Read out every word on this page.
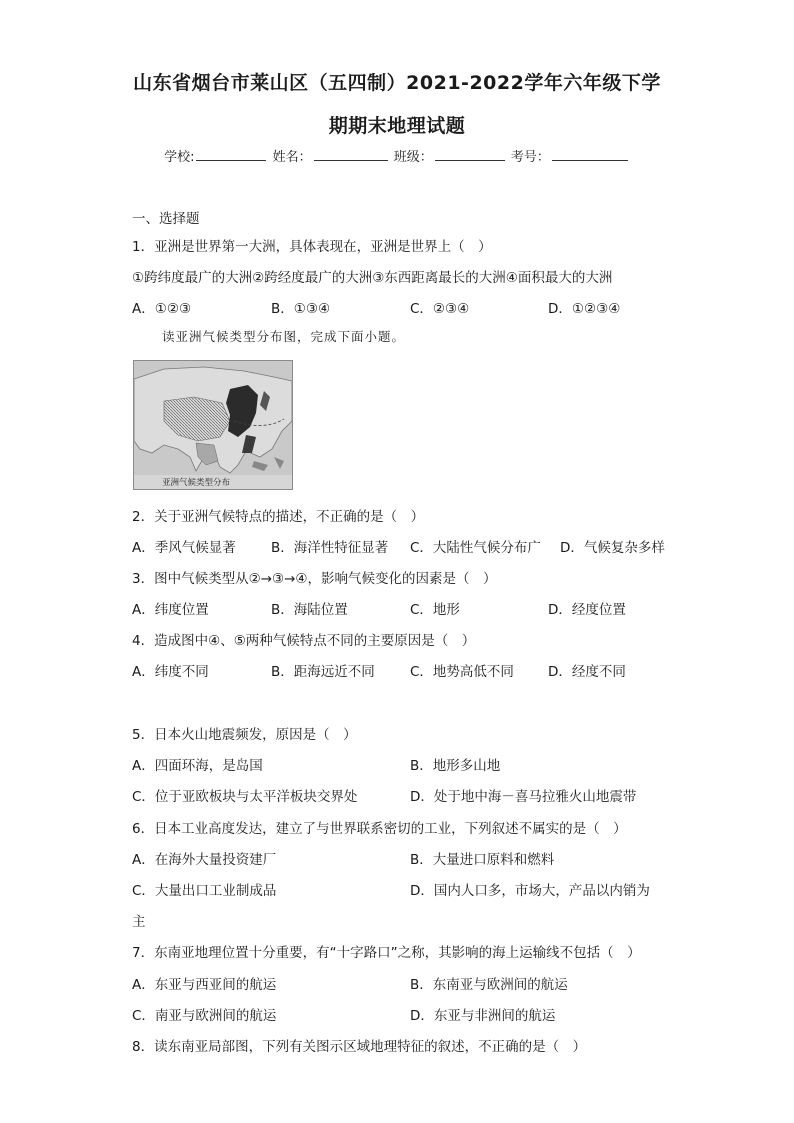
山东省烟台市莱山区（五四制）2021-2022学年六年级下学
期期末地理试题
学校:	姓名：	班级：	考号：
一、选择题
1．亚洲是世界第一大洲，具体表现在，亚洲是世界上（　）
①跨纬度最广的大洲②跨经度最广的大洲③东西距离最长的大洲④面积最大的大洲
A．①②③	B．①③④	C．②③④	D．①②③④
读亚洲气候类型分布图，完成下面小题。
亚洲气候类型分布
2．关于亚洲气候特点的描述，不正确的是（　）
A．季风气候显著	B．海洋性特征显著 C．大陆性气候分布广 D．气候复杂多样
3．图中气候类型从②→③→④，影响气候变化的因素是（　）
A．纬度位置	B．海陆位置	C．地形	D．经度位置
4．造成图中④、⑤两种气候特点不同的主要原因是（　）
A．纬度不同	B．距海远近不同	C．地势高低不同	D．经度不同
5．日本火山地震频发，原因是（　）
A．四面环海，是岛国	B．地形多山地
C．位于亚欧板块与太平洋板块交界处	D．处于地中海－喜马拉雅火山地震带
6．日本工业高度发达，建立了与世界联系密切的工业，下列叙述不属实的是（　）
A．在海外大量投资建厂	B．大量进口原料和燃料
C．大量出口工业制成品	D．国内人口多，市场大，产品以内销为
主
7．东南亚地理位置十分重要，有“十字路口”之称，其影响的海上运输线不包括（　）
A．东亚与西亚间的航运	B．东南亚与欧洲间的航运
C．南亚与欧洲间的航运	D．东亚与非洲间的航运
8．读东南亚局部图，下列有关图示区域地理特征的叙述，不正确的是（　）
